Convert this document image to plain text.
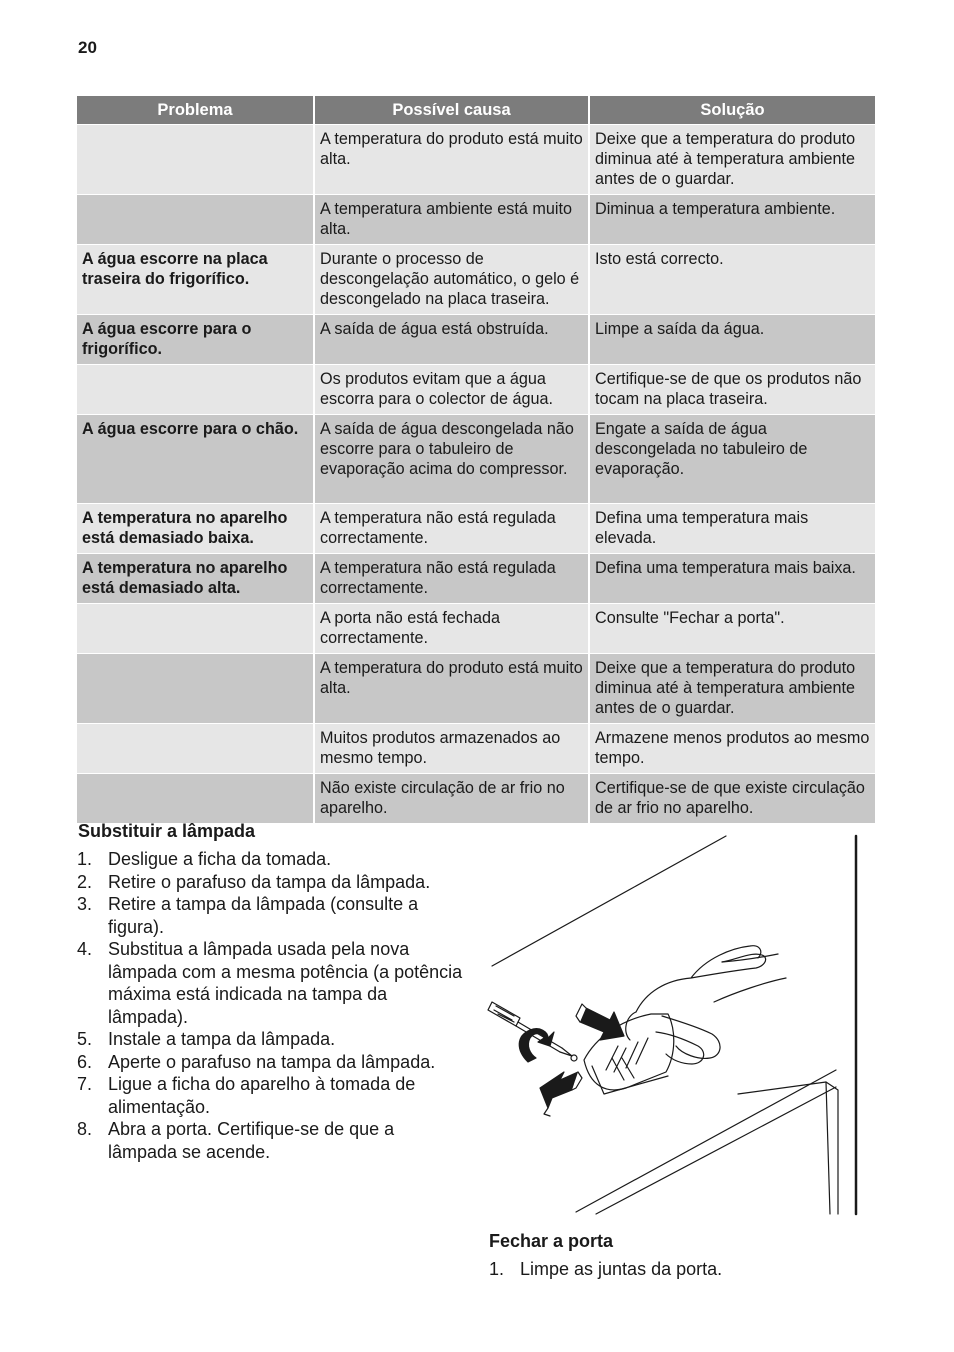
20
Problema	Possível causa	Solução
	A temperatura do produto está muito alta.	Deixe que a temperatura do produto diminua até à temperatura ambiente antes de o guardar.
	A temperatura ambiente está muito alta.	Diminua a temperatura ambiente.
A água escorre na placa traseira do frigorífico.	Durante o processo de descongelação automático, o gelo é descongelado na placa traseira.	Isto está correcto.
A água escorre para o frigorífico.	A saída de água está obstruída.	Limpe a saída da água.
	Os produtos evitam que a água escorra para o colector de água.	Certifique-se de que os produtos não tocam na placa traseira.
A água escorre para o chão.	A saída de água descongelada não escorre para o tabuleiro de evaporação acima do compressor.	Engate a saída de água descongelada no tabuleiro de evaporação.
A temperatura no aparelho está demasiado baixa.	A temperatura não está regulada correctamente.	Defina uma temperatura mais elevada.
A temperatura no aparelho está demasiado alta.	A temperatura não está regulada correctamente.	Defina uma temperatura mais baixa.
	A porta não está fechada correctamente.	Consulte "Fechar a porta".
	A temperatura do produto está muito alta.	Deixe que a temperatura do produto diminua até à temperatura ambiente antes de o guardar.
	Muitos produtos armazenados ao mesmo tempo.	Armazene menos produtos ao mesmo tempo.
	Não existe circulação de ar frio no aparelho.	Certifique-se de que existe circulação de ar frio no aparelho.
Substituir a lâmpada
1. Desligue a ficha da tomada.
2. Retire o parafuso da tampa da lâmpada.
3. Retire a tampa da lâmpada (consulte a figura).
4. Substitua a lâmpada usada pela nova lâmpada com a mesma potência (a potência máxima está indicada na tampa da lâmpada).
5. Instale a tampa da lâmpada.
6. Aperte o parafuso na tampa da lâmpada.
7. Ligue a ficha do aparelho à tomada de alimentação.
8. Abra a porta. Certifique-se de que a lâmpada se acende.
Fechar a porta
1. Limpe as juntas da porta.
